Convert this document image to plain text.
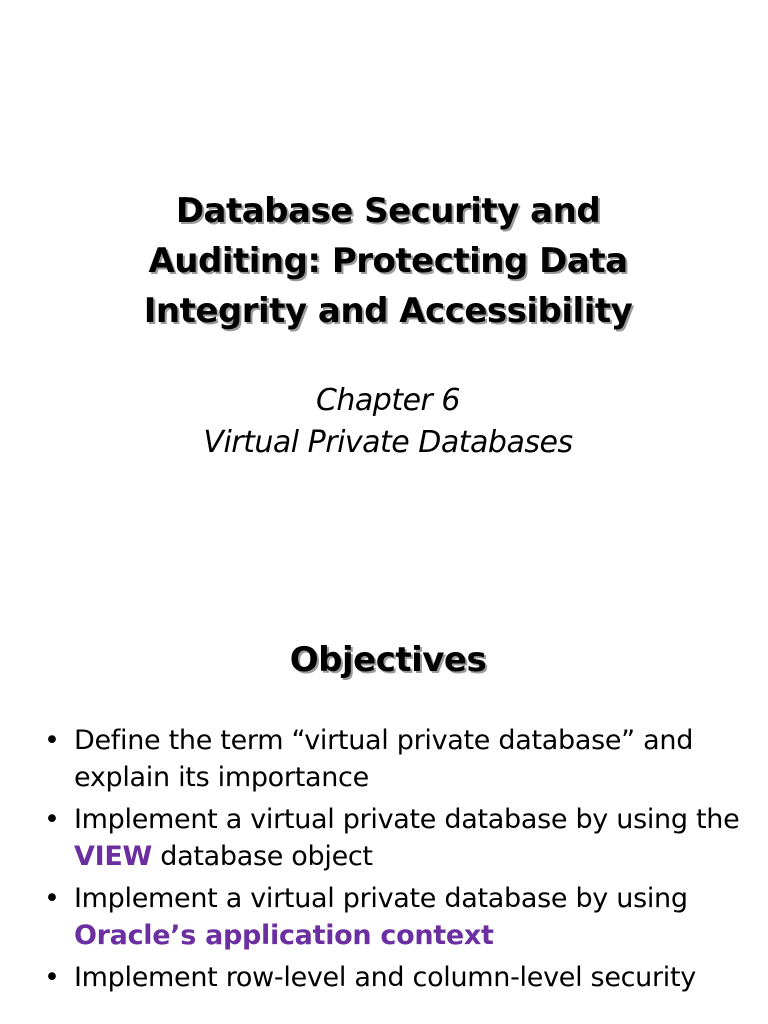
Database Security and
Auditing: Protecting Data
Integrity and Accessibility
Chapter 6
Virtual Private Databases
Objectives
• Define the term “virtual private database” and explain its importance
• Implement a virtual private database by using the VIEW database object
• Implement a virtual private database by using Oracle’s application context
• Implement row-level and column-level security
